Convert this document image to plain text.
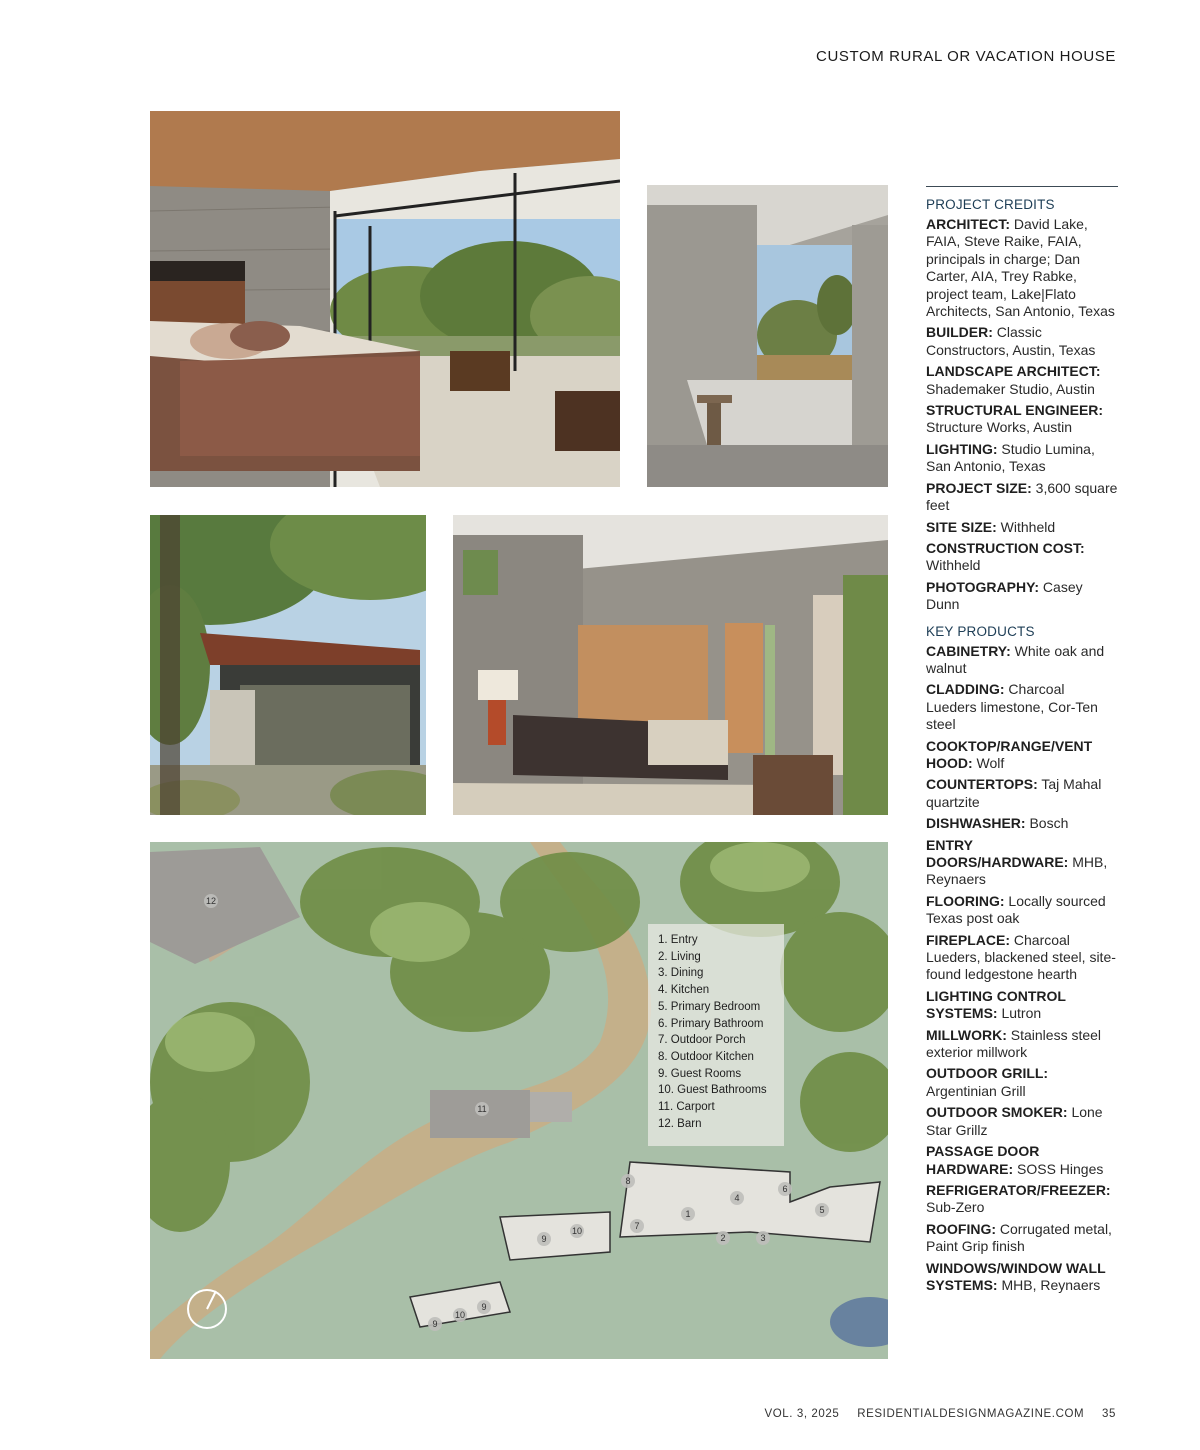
CUSTOM RURAL OR VACATION HOUSE
1. Entry
2. Living
3. Dining
4. Kitchen
5. Primary Bedroom
6. Primary Bathroom
7. Outdoor Porch
8. Outdoor Kitchen
9. Guest Rooms
10. Guest Bathrooms
11. Carport
12. Barn
12
11
8
7
1
4
6
2	3
5
9
10
9
10
9
PROJECT CREDITS
ARCHITECT: David Lake, FAIA, Steve Raike, FAIA, principals in charge; Dan Carter, AIA, Trey Rabke, project team, Lake|Flato Architects, San Antonio, Texas
BUILDER: Classic Constructors, Austin, Texas
LANDSCAPE ARCHITECT: Shademaker Studio, Austin
STRUCTURAL ENGINEER: Structure Works, Austin
LIGHTING: Studio Lumina, San Antonio, Texas
PROJECT SIZE: 3,600 square feet
SITE SIZE: Withheld
CONSTRUCTION COST: Withheld
PHOTOGRAPHY: Casey Dunn
KEY PRODUCTS
CABINETRY: White oak and walnut
CLADDING: Charcoal Lueders limestone, Cor-Ten steel
COOKTOP/RANGE/VENT HOOD: Wolf
COUNTERTOPS: Taj Mahal quartzite
DISHWASHER: Bosch
ENTRY DOORS/HARDWARE: MHB, Reynaers
FLOORING: Locally sourced Texas post oak
FIREPLACE: Charcoal Lueders, blackened steel, site-found ledgestone hearth
LIGHTING CONTROL SYSTEMS: Lutron
MILLWORK: Stainless steel exterior millwork
OUTDOOR GRILL: Argentinian Grill
OUTDOOR SMOKER: Lone Star Grillz
PASSAGE DOOR HARDWARE: SOSS Hinges
REFRIGERATOR/FREEZER: Sub-Zero
ROOFING: Corrugated metal, Paint Grip finish
WINDOWS/WINDOW WALL SYSTEMS: MHB, Reynaers
VOL. 3, 2025 RESIDENTIALDESIGNMAGAZINE.COM 35
